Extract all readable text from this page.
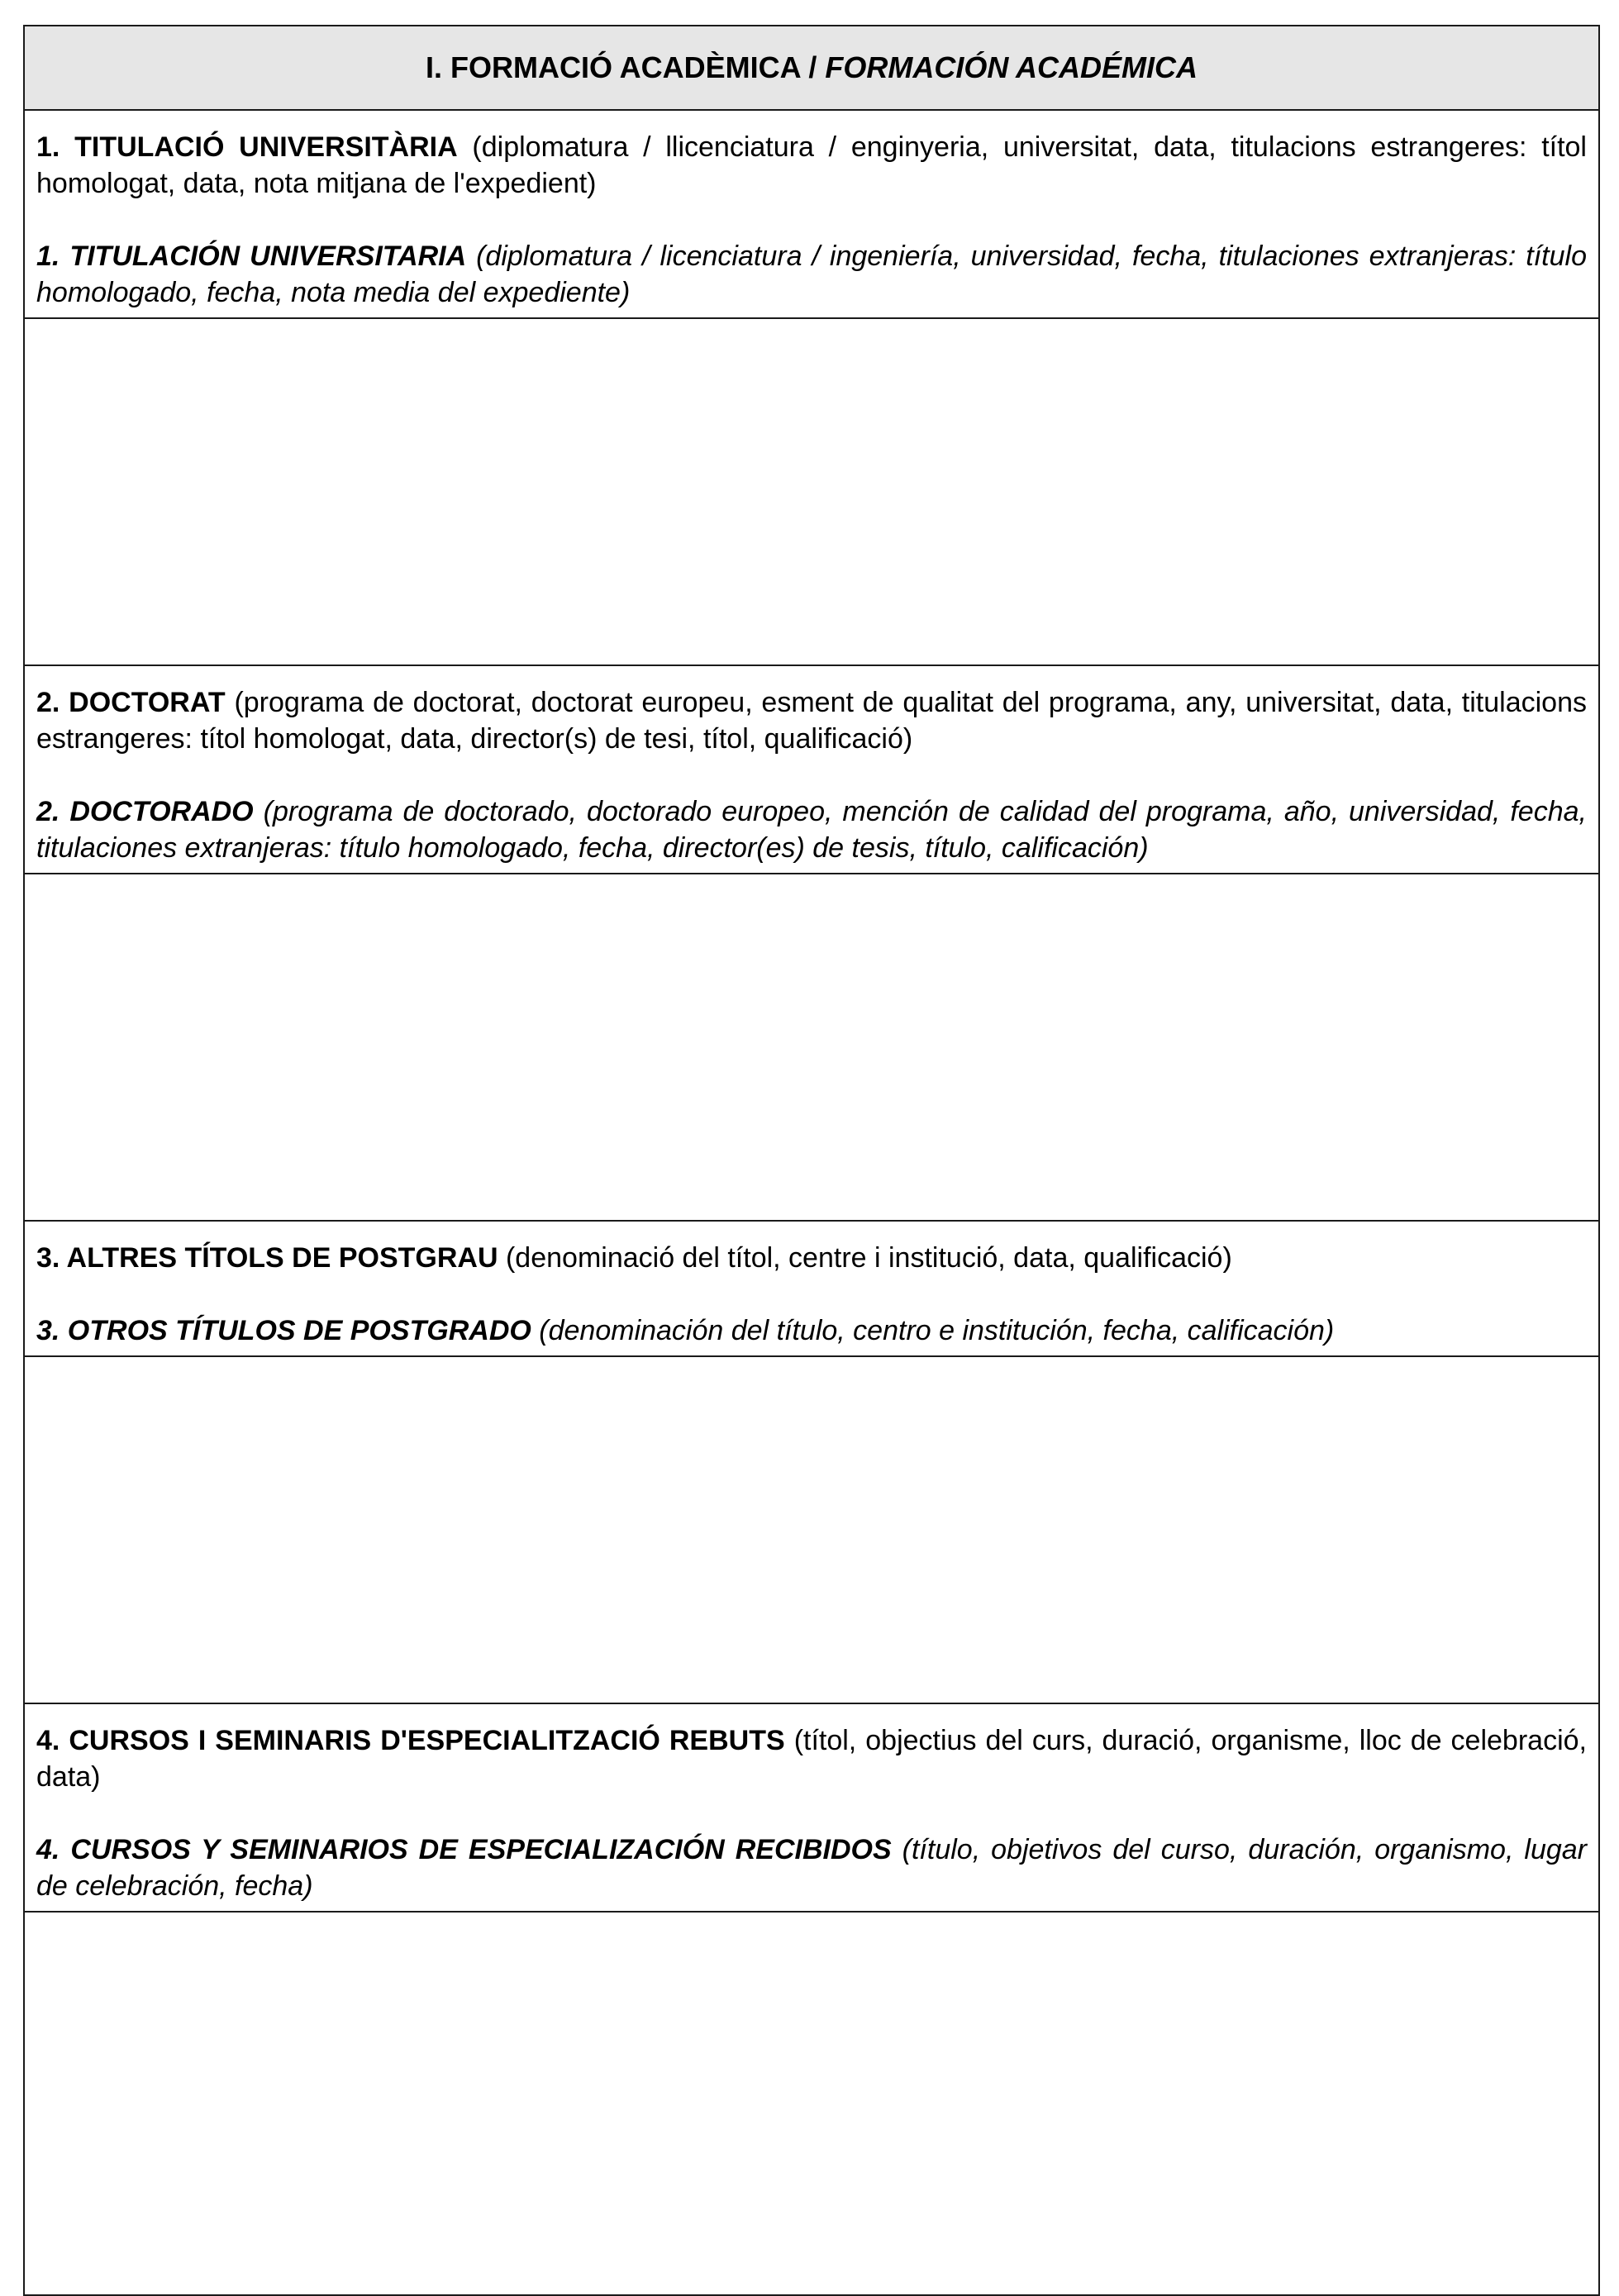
I. FORMACIÓ ACADÈMICA / FORMACIÓN ACADÉMICA

1. TITULACIÓ UNIVERSITÀRIA (diplomatura / llicenciatura / enginyeria, universitat, data, titulacions estrangeres: títol homologat, data, nota mitjana de l'expedient)

1. TITULACIÓN UNIVERSITARIA (diplomatura / licenciatura / ingeniería, universidad, fecha, titulaciones extranjeras: título homologado, fecha, nota media del expediente)

2. DOCTORAT (programa de doctorat, doctorat europeu, esment de qualitat del programa, any, universitat, data, titulacions estrangeres: títol homologat, data, director(s) de tesi, títol, qualificació)

2. DOCTORADO (programa de doctorado, doctorado europeo, mención de calidad del programa, año, universidad, fecha, titulaciones extranjeras: título homologado, fecha, director(es) de tesis, título, calificación)

3. ALTRES TÍTOLS DE POSTGRAU (denominació del títol, centre i institució, data, qualificació)

3. OTROS TÍTULOS DE POSTGRADO (denominación del título, centro e institución, fecha, calificación)

4. CURSOS I SEMINARIS D'ESPECIALITZACIÓ REBUTS (títol, objectius del curs, duració, organisme, lloc de celebració, data)

4. CURSOS Y SEMINARIOS DE ESPECIALIZACIÓN RECIBIDOS (título, objetivos del curso, duración, organismo, lugar de celebración, fecha)
